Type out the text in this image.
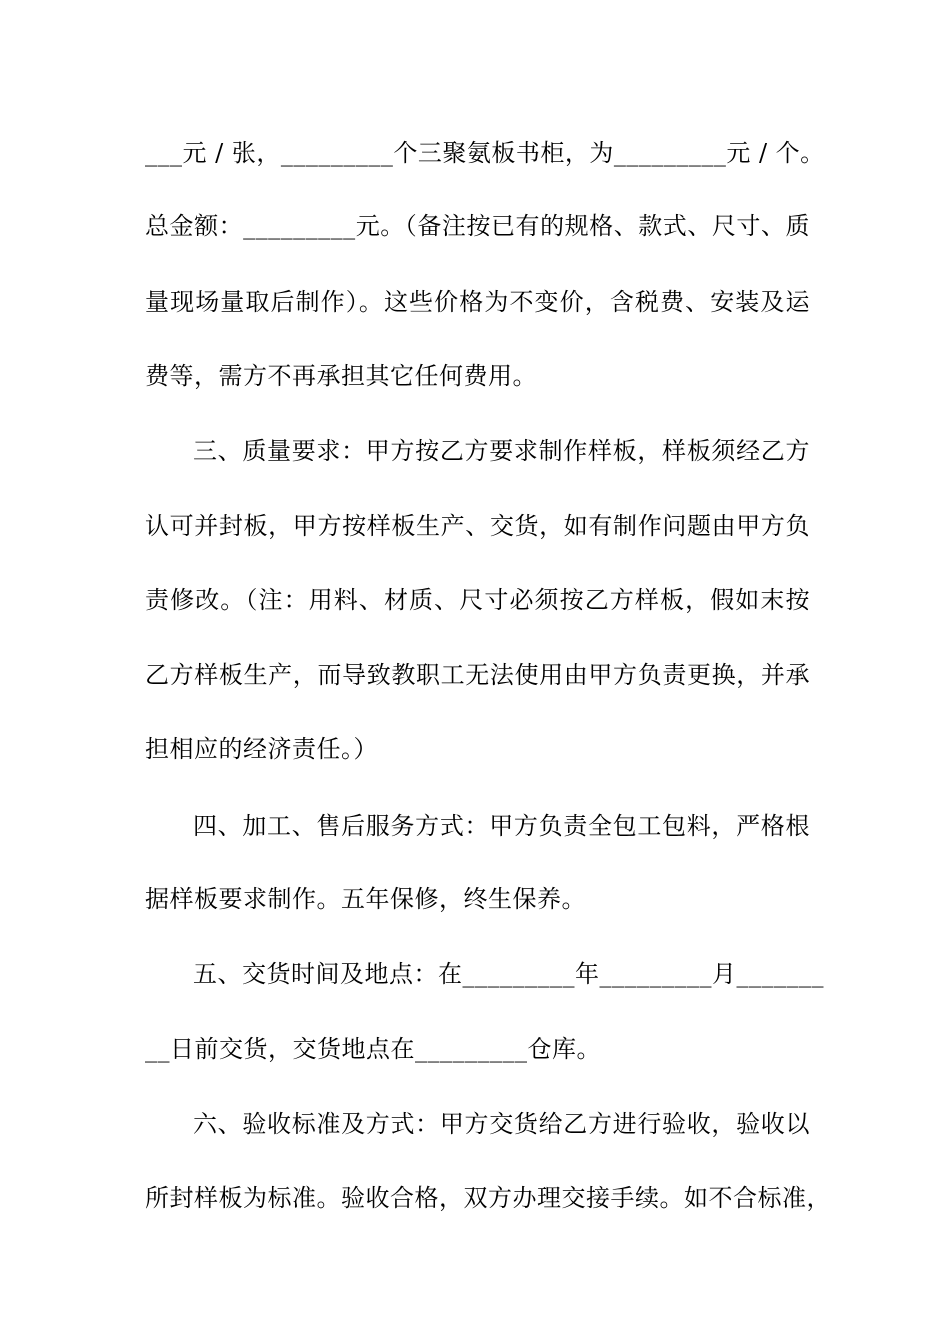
___元 / 张，_________个三聚氨板书柜，为_________元 / 个。
总金额：_________元。（备注按已有的规格、款式、尺寸、质
量现场量取后制作）。这些价格为不变价，含税费、安装及运
费等，需方不再承担其它任何费用。
三、质量要求：甲方按乙方要求制作样板，样板须经乙方
认可并封板，甲方按样板生产、交货，如有制作问题由甲方负
责修改。（注：用料、材质、尺寸必须按乙方样板，假如末按
乙方样板生产，而导致教职工无法使用由甲方负责更换，并承
担相应的经济责任。）
四、加工、售后服务方式：甲方负责全包工包料，严格根
据样板要求制作。五年保修，终生保养。
五、交货时间及地点：在_________年_________月_______
__日前交货，交货地点在_________仓库。
六、验收标准及方式：甲方交货给乙方进行验收，验收以
所封样板为标准。验收合格，双方办理交接手续。如不合标准，
